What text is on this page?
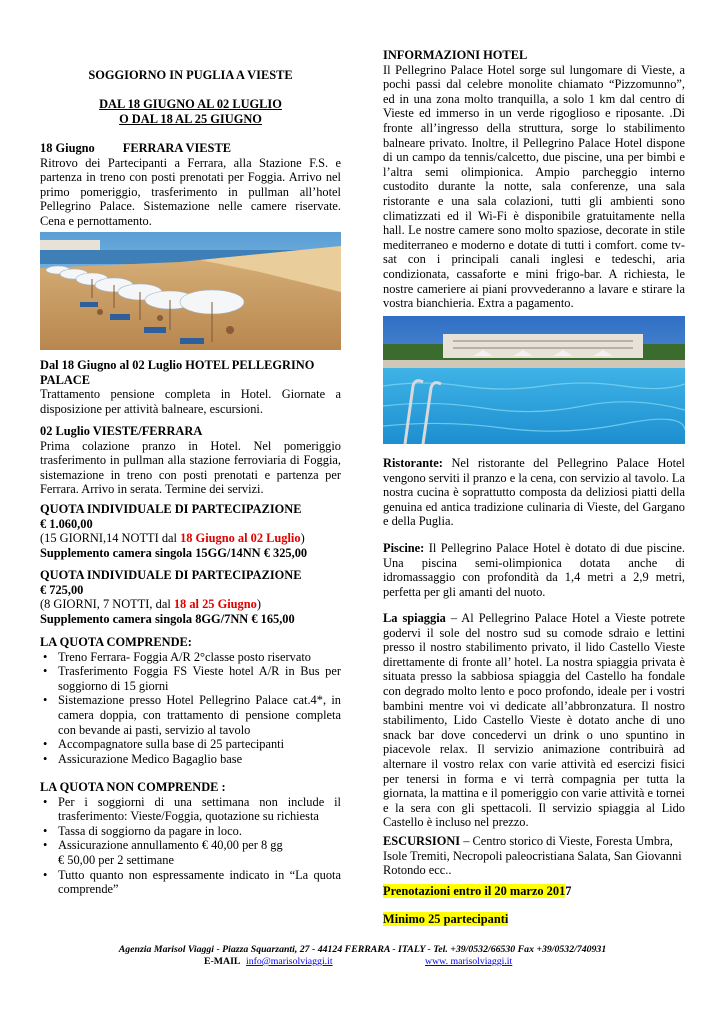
SOGGIORNO IN PUGLIA A VIESTE
DAL 18 GIUGNO AL 02 LUGLIO
O DAL 18 AL 25 GIUGNO
18 Giugno FERRARA VIESTE

Ritrovo dei Partecipanti a Ferrara, alla Stazione F.S. e partenza in treno con posti prenotati per Foggia. Arrivo nel primo pomeriggio, trasferimento in pullman all’hotel Pellegrino Palace. Sistemazione nelle camere riservate. Cena e pernottamento.

Dal 18 Giugno al 02 Luglio HOTEL PELLEGRINO PALACE

Trattamento pensione completa in Hotel. Giornate a disposizione per attività balneare, escursioni.

02 Luglio VIESTE/FERRARA

Prima colazione pranzo in Hotel. Nel pomeriggio trasferimento in pullman alla stazione ferroviaria di Foggia, sistemazione in treno con posti prenotati e partenza per Ferrara. Arrivo in serata. Termine dei servizi.

QUOTA INDIVIDUALE DI PARTECIPAZIONE
€ 1.060,00
(15 GIORNI,14 NOTTI dal 18 Giugno al 02 Luglio)
Supplemento camera singola 15GG/14NN € 325,00
QUOTA INDIVIDUALE DI PARTECIPAZIONE
€ 725,00
(8 GIORNI, 7 NOTTI, dal 18 al 25 Giugno)
Supplemento camera singola 8GG/7NN € 165,00
LA QUOTA COMPRENDE:
• Treno Ferrara- Foggia A/R 2°classe posto riservato
• Trasferimento Foggia FS Vieste hotel A/R in Bus per soggiorno di 15 giorni
• Sistemazione presso Hotel Pellegrino Palace cat.4*, in camera doppia, con trattamento di pensione completa con bevande ai pasti, servizio al tavolo
• Accompagnatore sulla base di 25 partecipanti
• Assicurazione Medico Bagaglio base
LA QUOTA NON COMPRENDE :
• Per i soggiorni di una settimana non include il trasferimento: Vieste/Foggia, quotazione su richiesta
• Tassa di soggiorno da pagare in loco.
• Assicurazione annullamento € 40,00 per 8 gg
€ 50,00 per 2 settimane
• Tutto quanto non espressamente indicato in “La quota comprende”
INFORMAZIONI HOTEL

Il Pellegrino Palace Hotel sorge sul lungomare di Vieste, a pochi passi dal celebre monolite chiamato “Pizzomunno”, ed in una zona molto tranquilla, a solo 1 km dal centro di Vieste ed immerso in un verde rigoglioso e riposante. .Di fronte all’ingresso della struttura, sorge lo stabilimento balneare privato. Inoltre, il Pellegrino Palace Hotel dispone di un campo da tennis/calcetto, due piscine, una per bimbi e l’altra semi olimpionica. Ampio parcheggio interno custodito durante la notte, sala conferenze, una sala ristorante e una sala colazioni, tutti gli ambienti sono climatizzati ed il Wi-Fi è disponibile gratuitamente nella hall. Le nostre camere sono molto spaziose, decorate in stile mediterraneo e moderno e dotate di tutti i comfort. come tv-sat con i principali canali inglesi e tedeschi, aria condizionata, cassaforte e mini frigo-bar. A richiesta, le nostre cameriere ai piani provvederanno a lavare e stirare la vostra bianchieria. Extra a pagamento.

Ristorante: Nel ristorante del Pellegrino Palace Hotel vengono serviti il pranzo e la cena, con servizio al tavolo. La nostra cucina è soprattutto composta da deliziosi piatti della genuina ed antica tradizione culinaria di Vieste, del Gargano e della Puglia.

Piscine: Il Pellegrino Palace Hotel è dotato di due piscine. Una piscina semi-olimpionica dotata anche di idromassaggio con profondità da 1,4 metri a 2,9 metri, perfetta per gli amanti del nuoto.

La spiaggia – Al Pellegrino Palace Hotel a Vieste potrete godervi il sole del nostro sud su comode sdraio e lettini presso il nostro stabilimento privato, il lido Castello Vieste direttamente di fronte all’ hotel. La nostra spiaggia privata è situata presso la sabbiosa spiaggia del Castello ha fondale con degrado molto lento e poco profondo, ideale per i vostri bambini mentre voi vi dedicate all’abbronzatura. Il nostro stabilimento, Lido Castello Vieste è dotato anche di uno snack bar dove concedervi un drink o uno spuntino in piacevole relax. Il servizio animazione contribuirà ad alternare il vostro relax con varie attività ed esercizi fisici per tenersi in forma e vi terrà compagnia per tutta la giornata, la mattina e il pomeriggio con varie attività e tornei e la sera con gli spettacoli. Il servizio spiaggia al Lido Castello è incluso nel prezzo.

ESCURSIONI – Centro storico di Vieste, Foresta Umbra, Isole Tremiti, Necropoli paleocristiana Salata, San Giovanni Rotondo ecc..

Prenotazioni entro il 20 marzo 2017
Minimo 25 partecipanti
Agenzia Marisol Viaggi - Piazza Squarzanti, 27 - 44124 FERRARA - ITALY - Tel. +39/0532/66530 Fax +39/0532/740931
E-MAIL info@marisolviaggi.it	www. marisolviaggi.it
